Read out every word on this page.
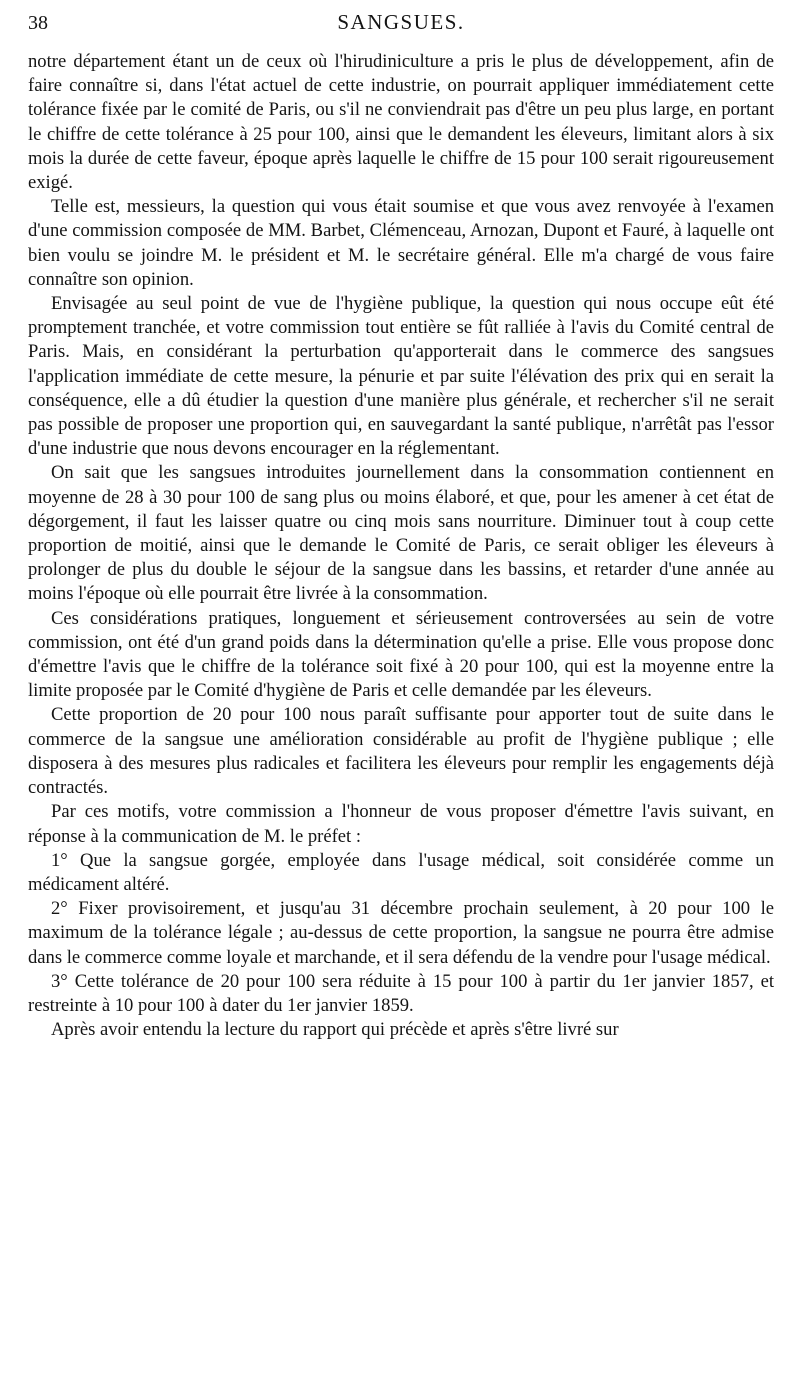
38	SANGSUES.

notre département étant un de ceux où l'hirudiniculture a pris le plus de développement, afin de faire connaître si, dans l'état actuel de cette industrie, on pourrait appliquer immédiatement cette tolérance fixée par le comité de Paris, ou s'il ne conviendrait pas d'être un peu plus large, en portant le chiffre de cette tolérance à 25 pour 100, ainsi que le demandent les éleveurs, limitant alors à six mois la durée de cette faveur, époque après laquelle le chiffre de 15 pour 100 serait rigoureusement exigé.

Telle est, messieurs, la question qui vous était soumise et que vous avez renvoyée à l'examen d'une commission composée de MM. Barbet, Clémenceau, Arnozan, Dupont et Fauré, à laquelle ont bien voulu se joindre M. le président et M. le secrétaire général. Elle m'a chargé de vous faire connaître son opinion.

Envisagée au seul point de vue de l'hygiène publique, la question qui nous occupe eût été promptement tranchée, et votre commission tout entière se fût ralliée à l'avis du Comité central de Paris. Mais, en considérant la perturbation qu'apporterait dans le commerce des sangsues l'application immédiate de cette mesure, la pénurie et par suite l'élévation des prix qui en serait la conséquence, elle a dû étudier la question d'une manière plus générale, et rechercher s'il ne serait pas possible de proposer une proportion qui, en sauvegardant la santé publique, n'arrêtât pas l'essor d'une industrie que nous devons encourager en la réglementant.

On sait que les sangsues introduites journellement dans la consommation contiennent en moyenne de 28 à 30 pour 100 de sang plus ou moins élaboré, et que, pour les amener à cet état de dégorgement, il faut les laisser quatre ou cinq mois sans nourriture. Diminuer tout à coup cette proportion de moitié, ainsi que le demande le Comité de Paris, ce serait obliger les éleveurs à prolonger de plus du double le séjour de la sangsue dans les bassins, et retarder d'une année au moins l'époque où elle pourrait être livrée à la consommation.

Ces considérations pratiques, longuement et sérieusement controversées au sein de votre commission, ont été d'un grand poids dans la détermination qu'elle a prise. Elle vous propose donc d'émettre l'avis que le chiffre de la tolérance soit fixé à 20 pour 100, qui est la moyenne entre la limite proposée par le Comité d'hygiène de Paris et celle demandée par les éleveurs.

Cette proportion de 20 pour 100 nous paraît suffisante pour apporter tout de suite dans le commerce de la sangsue une amélioration considérable au profit de l'hygiène publique ; elle disposera à des mesures plus radicales et facilitera les éleveurs pour remplir les engagements déjà contractés.

Par ces motifs, votre commission a l'honneur de vous proposer d'émettre l'avis suivant, en réponse à la communication de M. le préfet :

1° Que la sangsue gorgée, employée dans l'usage médical, soit considérée comme un médicament altéré.

2° Fixer provisoirement, et jusqu'au 31 décembre prochain seulement, à 20 pour 100 le maximum de la tolérance légale ; au-dessus de cette proportion, la sangsue ne pourra être admise dans le commerce comme loyale et marchande, et il sera défendu de la vendre pour l'usage médical.

3° Cette tolérance de 20 pour 100 sera réduite à 15 pour 100 à partir du 1er janvier 1857, et restreinte à 10 pour 100 à dater du 1er janvier 1859.

Après avoir entendu la lecture du rapport qui précède et après s'être livré sur
